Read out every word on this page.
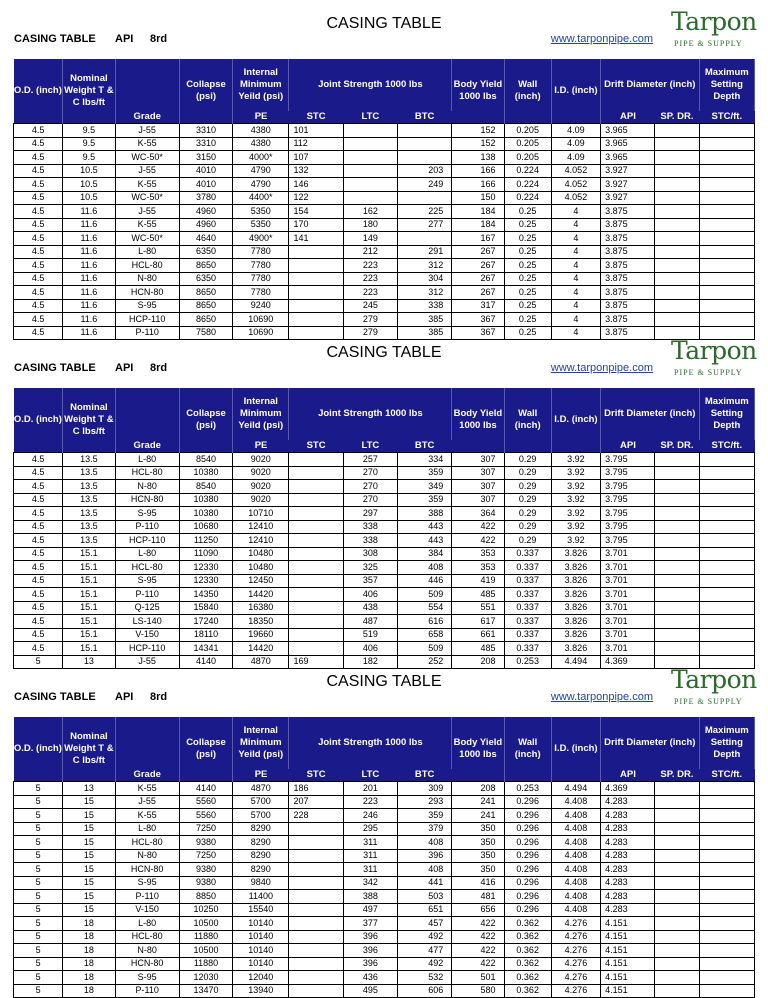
CASING TABLE
CASING TABLE API 8rd	www.tarponpipe.com
Tarpon
PIPE & SUPPLY
O.D. (inch)	Nominal Weight T & C lbs/ft	Grade	Collapse (psi)	Internal Minimum Yeild (psi)	Joint Strength 1000 lbs			Body Yield 1000 lbs	Wall (inch)	I.D. (inch)	Drift Diameter (inch)		Maximum Setting Depth
				PE	STC	LTC	BTC				API	SP. DR.	STC/ft.
4.5	9.5	J-55	3310	4380	101			152	0.205	4.09	3.965		
4.5	9.5	K-55	3310	4380	112			152	0.205	4.09	3.965		
4.5	9.5	WC-50*	3150	4000*	107			138	0.205	4.09	3.965		
4.5	10.5	J-55	4010	4790	132		203	166	0.224	4.052	3.927		
4.5	10.5	K-55	4010	4790	146		249	166	0.224	4.052	3.927		
4.5	10.5	WC-50*	3780	4400*	122			150	0.224	4.052	3.927		
4.5	11.6	J-55	4960	5350	154	162	225	184	0.25	4	3.875		
4.5	11.6	K-55	4960	5350	170	180	277	184	0.25	4	3.875		
4.5	11.6	WC-50*	4640	4900*	141	149		167	0.25	4	3.875		
4.5	11.6	L-80	6350	7780		212	291	267	0.25	4	3.875		
4.5	11.6	HCL-80	8650	7780		223	312	267	0.25	4	3.875		
4.5	11.6	N-80	6350	7780		223	304	267	0.25	4	3.875		
4.5	11.6	HCN-80	8650	7780		223	312	267	0.25	4	3.875		
4.5	11.6	S-95	8650	9240		245	338	317	0.25	4	3.875		
4.5	11.6	HCP-110	8650	10690		279	385	367	0.25	4	3.875		
4.5	11.6	P-110	7580	10690		279	385	367	0.25	4	3.875		
CASING TABLE
CASING TABLE API 8rd	www.tarponpipe.com
Tarpon
PIPE & SUPPLY
O.D. (inch)	Nominal Weight T & C lbs/ft	Grade	Collapse (psi)	Internal Minimum Yeild (psi)	Joint Strength 1000 lbs			Body Yield 1000 lbs	Wall (inch)	I.D. (inch)	Drift Diameter (inch)		Maximum Setting Depth
				PE	STC	LTC	BTC				API	SP. DR.	STC/ft.
4.5	13.5	L-80	8540	9020		257	334	307	0.29	3.92	3.795		
4.5	13.5	HCL-80	10380	9020		270	359	307	0.29	3.92	3.795		
4.5	13.5	N-80	8540	9020		270	349	307	0.29	3.92	3.795		
4.5	13.5	HCN-80	10380	9020		270	359	307	0.29	3.92	3.795		
4.5	13.5	S-95	10380	10710		297	388	364	0.29	3.92	3.795		
4.5	13.5	P-110	10680	12410		338	443	422	0.29	3.92	3.795		
4.5	13.5	HCP-110	11250	12410		338	443	422	0.29	3.92	3.795		
4.5	15.1	L-80	11090	10480		308	384	353	0.337	3.826	3.701		
4.5	15.1	HCL-80	12330	10480		325	408	353	0.337	3.826	3.701		
4.5	15.1	S-95	12330	12450		357	446	419	0.337	3.826	3.701		
4.5	15.1	P-110	14350	14420		406	509	485	0.337	3.826	3.701		
4.5	15.1	Q-125	15840	16380		438	554	551	0.337	3.826	3.701		
4.5	15.1	LS-140	17240	18350		487	616	617	0.337	3.826	3.701		
4.5	15.1	V-150	18110	19660		519	658	661	0.337	3.826	3.701		
4.5	15.1	HCP-110	14341	14420		406	509	485	0.337	3.826	3.701		
5	13	J-55	4140	4870	169	182	252	208	0.253	4.494	4.369		
CASING TABLE
CASING TABLE API 8rd	www.tarponpipe.com
Tarpon
PIPE & SUPPLY
O.D. (inch)	Nominal Weight T & C lbs/ft	Grade	Collapse (psi)	Internal Minimum Yeild (psi)	Joint Strength 1000 lbs			Body Yield 1000 lbs	Wall (inch)	I.D. (inch)	Drift Diameter (inch)		Maximum Setting Depth
				PE	STC	LTC	BTC				API	SP. DR.	STC/ft.
5	13	K-55	4140	4870	186	201	309	208	0.253	4.494	4.369		
5	15	J-55	5560	5700	207	223	293	241	0.296	4.408	4.283		
5	15	K-55	5560	5700	228	246	359	241	0.296	4.408	4.283		
5	15	L-80	7250	8290		295	379	350	0.296	4.408	4.283		
5	15	HCL-80	9380	8290		311	408	350	0.296	4.408	4.283		
5	15	N-80	7250	8290		311	396	350	0.296	4.408	4.283		
5	15	HCN-80	9380	8290		311	408	350	0.296	4.408	4.283		
5	15	S-95	9380	9840		342	441	416	0.296	4.408	4.283		
5	15	P-110	8850	11400		388	503	481	0.296	4.408	4.283		
5	15	V-150	10250	15540		497	651	656	0.296	4.408	4.283		
5	18	L-80	10500	10140		377	457	422	0.362	4.276	4.151		
5	18	HCL-80	11880	10140		396	492	422	0.362	4.276	4.151		
5	18	N-80	10500	10140		396	477	422	0.362	4.276	4.151		
5	18	HCN-80	11880	10140		396	492	422	0.362	4.276	4.151		
5	18	S-95	12030	12040		436	532	501	0.362	4.276	4.151		
5	18	P-110	13470	13940		495	606	580	0.362	4.276	4.151		
